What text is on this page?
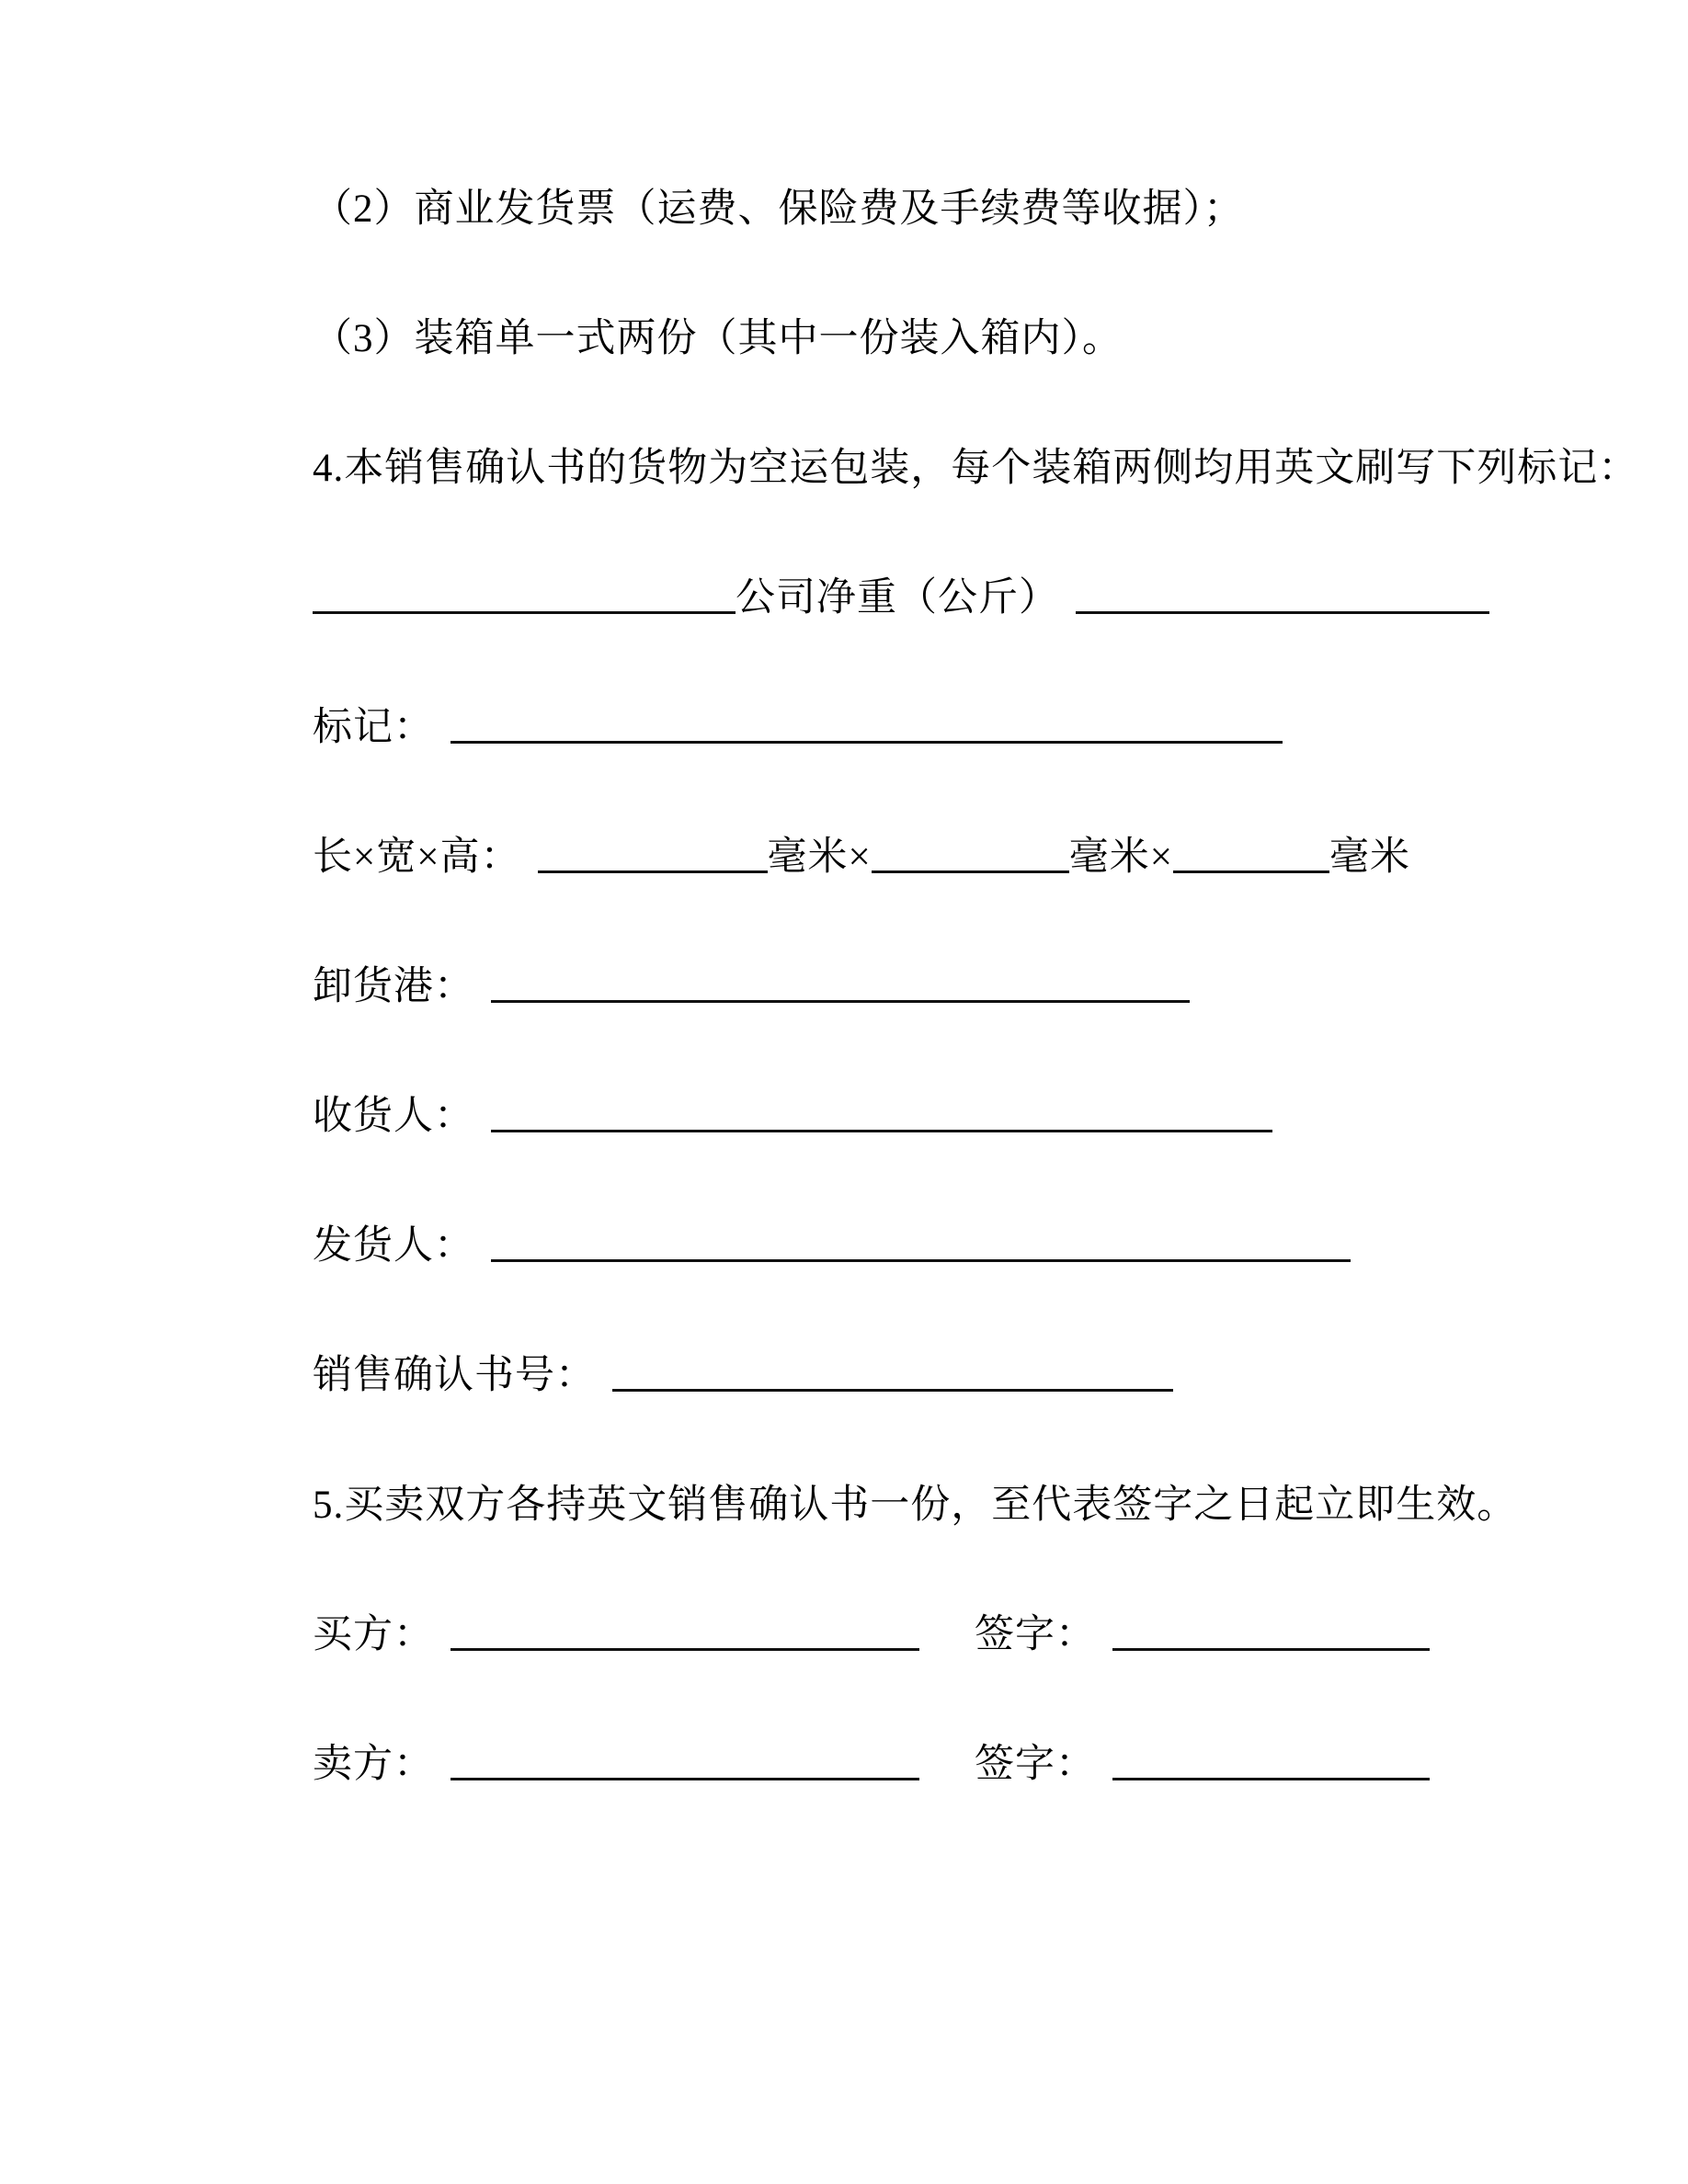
（2）商业发货票（运费、保险费及手续费等收据）；
（3）装箱单一式两份（其中一份装入箱内）。
4.本销售确认书的货物为空运包装，每个装箱两侧均用英文刷写下列标记：
公司净重（公斤）
标记：
长×宽×高：	毫米×	毫米×	毫米
卸货港：
收货人：
发货人：
销售确认书号：
5.买卖双方各持英文销售确认书一份，至代表签字之日起立即生效。
买方：	签字：
卖方：	签字：
